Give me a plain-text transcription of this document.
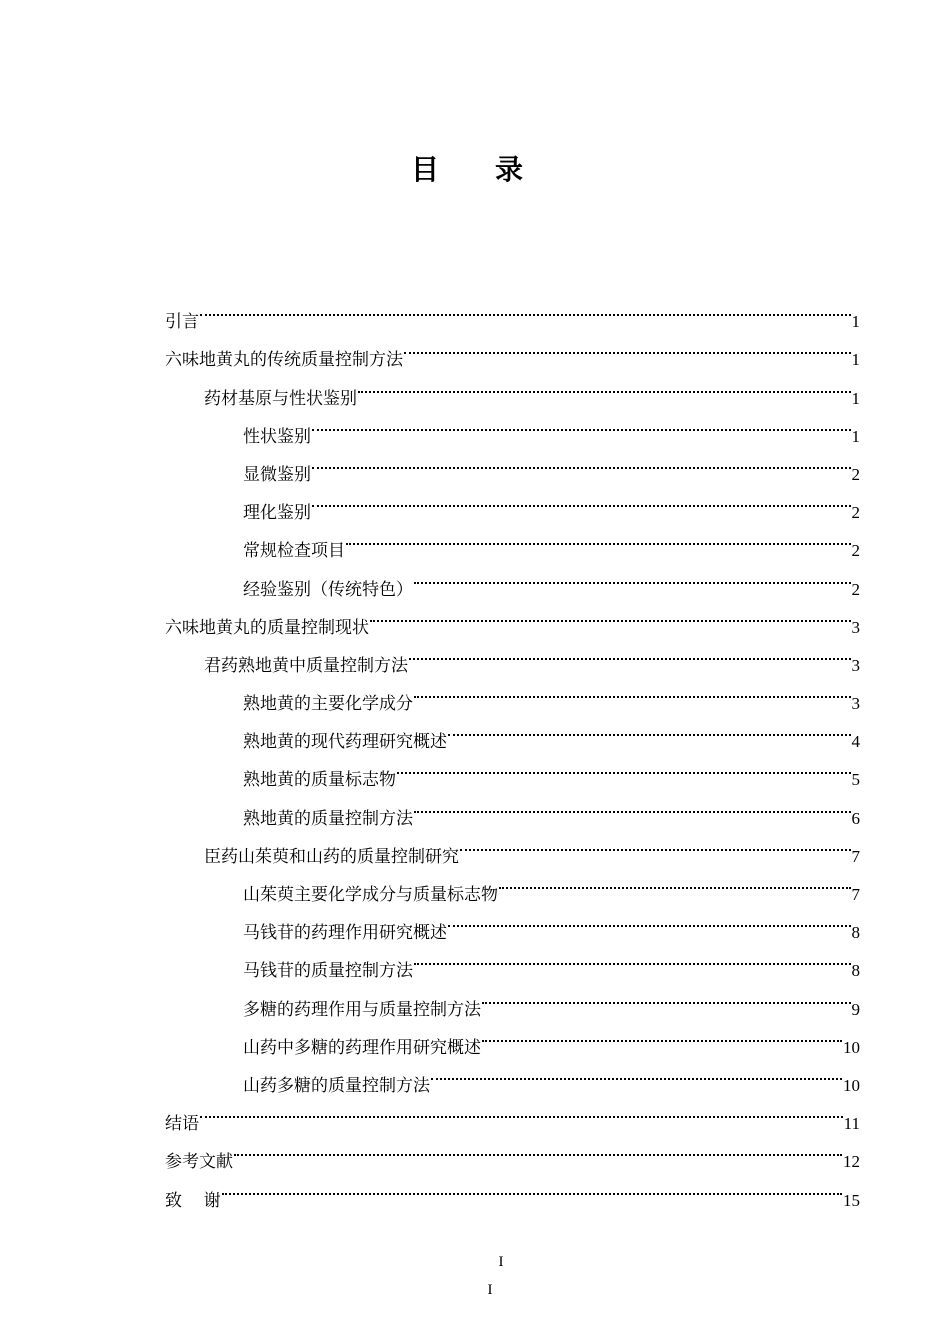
目录
引言	1
六味地黄丸的传统质量控制方法	1
药材基原与性状鉴别	1
性状鉴别	1
显微鉴别	2
理化鉴别	2
常规检查项目	2
经验鉴别（传统特色）	2
六味地黄丸的质量控制现状	3
君药熟地黄中质量控制方法	3
熟地黄的主要化学成分	3
熟地黄的现代药理研究概述	4
熟地黄的质量标志物	5
熟地黄的质量控制方法	6
臣药山茱萸和山药的质量控制研究	7
山茱萸主要化学成分与质量标志物	7
马钱苷的药理作用研究概述	8
马钱苷的质量控制方法	8
多糖的药理作用与质量控制方法	9
山药中多糖的药理作用研究概述	10
山药多糖的质量控制方法	10
结语	11
参考文献	12
致    谢	15
I
I
